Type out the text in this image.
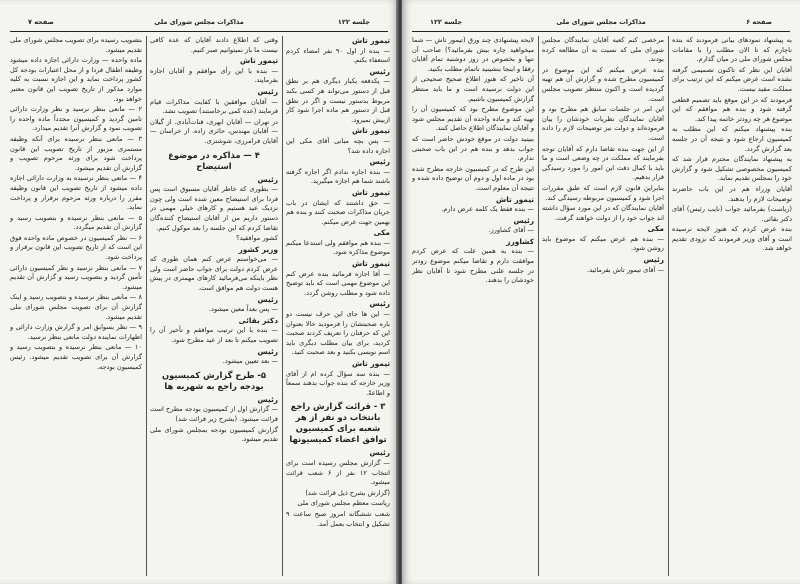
صفحه ۷	مذاکرات مجلس شورای ملی	جلسه ۱۲۲

بتصویب رسیده برای تصویب مجلس شورای ملی تقدیم میشود.

ماده واحده — وزارت دارائی اجازه داده میشود وظیفه اطفال فردا و از محل اعتبارات بودجه کل کشور پرداخت نماید و این اجازه نسبت به کلیه موارد مذکور از تاریخ تصویب این قانون معتبر خواهد بود.

۲ — مانعی بنظر نرسید و نظر وزارت دارائی تامین گردید و کمیسیون مجدداً ماده واحده را تصویب نمود و گزارش آنرا تقدیم میدارد.

۳ — مانعی بنظر نرسیده برای آنکه وظیفه مستمری مزبور از تاریخ تصویب این قانون پرداخت شود برای ورثه مرحوم تصویب و گزارش آن تقدیم میشود.

۴ — مانعی بنظر نرسیده به وزارت دارائی اجازه داده میشود از تاریخ تصویب این قانون وظیفه مقرر را درباره ورثه مرحوم برقرار و پرداخت نماید.

۵ — مانعی بنظر نرسیده و بتصویب رسید و گزارش آن تقدیم میگردد.

۶ — نظر کمیسیون در خصوص ماده واحده فوق این است که از تاریخ تصویب این قانون برقرار و پرداخت شود.

۷ — مانعی بنظر نرسید و نظر کمیسیون دارائی تأمین گردید و بتصویب رسید و گزارش آن تقدیم میشود.

۸ — مانعی بنظر نرسیده و بتصویب رسید و اینک گزارش آن برای تصویب مجلس شورای ملی تقدیم میشود.

۹ — نظر بسوابق امر و گزارش وزارت دارائی و اظهارات نماینده دولت مانعی بنظر نرسید.

۱۰ — مانعی بنظر نرسیده و بتصویب رسید و گزارش آن برای تصویب تقدیم میشود. رئیس کمیسیون بودجه.

وقتی که اطلاع دادند آقایان که عده کافی نیست ما باز نمیتوانیم صبر کنیم.

تیمور تاش

— بنده با این رأی موافقم و آقایان اجازه بفرمایند.

رئیس

— آقایان موافقین با کفایت مذاکرات قیام فرمایند (عده کمی برخاستند) تصویب نشد.

در تهران — آقایان ابهری، قنات‌آبادی. از گیلان — آقایان مهندس، حائری زاده. از خراسان — آقایان فرامرزی، شوشتری.

۴ — مذاکره در موضوع استیضاح

رئیس

— بطوری که خاطر آقایان مسبوق است پس فردا برای استیضاح معین شده است ولی چون نزدیک عید هستیم و کارهای خیلی مهمی در دستور داریم من از آقایان استیضاح کننده‌گان تقاضا کردم که این جلسه را بعد موکول کنیم.

کشور موافقید؟

وزیر کشور

— می‌خواستم عرض کنم همان طوری که عرض کردم دولت برای جواب حاضر است ولی نظر باینکه می‌فرمائید کارهای مهمتری در پیش هست دولت هم موافق است.

رئیس

— پس بعداً معین میشود.

دکتر بقائی

— بنده با این ترتیب موافقم و تأخیر آن را تصویب میکنم تا بعد از عید مطرح شود.

رئیس

— بعد تعیین میشود.

۵- طرح گزارش کمیسیون بودجه راجع به شهریه ها

رئیس

— گزارش اول از کمیسیون بودجه مطرح است قرائت میشود. (بشرح زیر قرائت شد)

گزارش کمیسیون بودجه بمجلس شورای ملی تقدیم میشود.

تیمور تاش

— بنده از اول ۹۰ نفر امضاء کردم استعفاء بکنم.

رئیس

— یکدفعه یکبار دیگری هم بر نطق قبل از دستور می‌تواند هر کسی بکند مربوط بدستور نیست و اگر در نطق قبل از دستور هم ماده اجرا شود کار ازبیش نمیرود.

تیمور تاش

— پس بچه مبانی آقای مکی این اجازه داده شد؟

رئیس

— بنده اجازه ندادم اگر اجازه گرفته باشند شما هم اجازه میگیرید.

تیمور تاش

— حق داشتند که ایشان در باب جریان مذاکرات صحبت کنند و بنده هم بهمین جهت عرض میکنم.

مکی

— بنده هم موافقم ولی استدعا میکنم موضوع مذاکره شود.

تیمور تاش

— آقا اجازه فرمائید بنده عرض کنم این موضوع مهمی است که باید توضیح داده شود و مطلب روشن گردد.

رئیس

— این ها جای این حرف نیست دو باره صحبتشان را فرمودید حالا بعنوان این که حرفتان را تعریف کردند صحبت کردید، برای بیان مطلب دیگری باید اسم نویسی بکنید و بعد صحبت کنید.

تیمور تاش

— بنده سه سؤال کرده ام از آقای وزیر خارجه که بنده جواب بدهند سمعاً و اطاعةً.

۳ - قرائت گزارش راجع بانتخاب دو نفر از هر شعبه برای کمیسیون توافق اعضاء کمیسیونها

رئیس

— گزارش مجلس رسیده است برای انتخاب ۱۲ نفر از ۶ شعب قرائت میشود.

(گزارش بشرح ذیل قرائت شد)

ریاست معظم مجلس شورای ملی

شعب ششگانه امروز صبح ساعت ۹ تشکیل و انتخاب بعمل آمد.

جلسه ۱۲۲	مذاکرات مجلس شورای ملی	صفحه ۶

لایحه پیشنهادی چند ورق (تیمور تاش — شما میخواهید چاره بیش بفرمائید؟) صاحب آن تنها و بخصوص در روز دوشنبه تمام آقایان رفقا و اینجا بنشینید ناتمام مطلب بکنید.

آن تاخیر که هنوز اطلاع صحیح صحیحی از این دولت نرسیده است و ما باید منتظر گزارش کمیسیون باشیم.

این موضوع مطرح بود که کمیسیون آن را تهیه کند و ماده واحده آن تقدیم مجلس شود و آقایان نمایندگان اطلاع حاصل کنند.

ببینید دولت در موقع خودش حاضر است که جواب بدهد و بنده هم در این باب صحبتی ندارم.

این طرح که در کمیسیون خارجه مطرح شده بود در ماده اول و دوم آن توضیح داده شده و نتیجه آن معلوم است.

تیمور تاش

— بنده فقط یک کلمه عرض دارم.

رئیس

— آقای کشاورز.

کشاورز

— بنده به همین علت که عرض کردم موافقت دارم و تقاضا میکنم موضوع زودتر در جلسه علنی مطرح شود تا آقایان نظر خودشان را بدهند.

مرخصی کنم کعبه آقایان نمایندگان مجلس شورای ملی که نسبت به آن مطالعه کرده بودند.

بنده عرض میکنم که این موضوع در کمیسیون مطرح شده و گزارش آن هم تهیه گردیده است و اکنون منتظر تصویب مجلس است.

این امر در جلسات سابق هم مطرح بود و آقایان نمایندگان نظریات خودشان را بیان فرموده‌اند و دولت نیز توضیحات لازم را داده است.

از این جهت بنده تقاضا دارم که آقایان توجه بفرمایند که مملکت در چه وضعی است و ما باید با کمال دقت این امور را مورد رسیدگی قرار بدهیم.

بنابراین قانون لازم است که طبق مقررات اجرا شود و کمیسیون مربوطه رسیدگی کند.

آقایان نمایندگان که در این مورد سؤال داشته اند جواب خود را از دولت خواهند گرفت.

مکی

— بنده هم عرض میکنم که موضوع باید روشن شود.

رئیس

— آقای تیمور تاش بفرمائید.

به پیشنهاد نمودهای بیانی فرمودند که بنده ناچارم که تا الان مطلب را با مقامات مجلس شورای ملی در میان گذارم.

آقایان این نظر که تاکنون تصمیمی گرفته نشده است عرض میکنم که این ترتیب برای مملکت مفید نیست.

فرمودند که در این موقع باید تصمیم قطعی گرفته شود و بنده هم موافقم که این موضوع هر چه زودتر خاتمه پیدا کند.

بنده پیشنهاد میکنم که این مطلب به کمیسیون ارجاع شود و نتیجه آن در جلسه بعد گزارش گردد.

به پیشنهاد نمایندگان محترم قرار شد که کمیسیون مخصوصی تشکیل شود و گزارش خود را بمجلس تقدیم نماید.

آقایان وزراء هم در این باب حاضرند توضیحات لازم را بدهند.

(ریاست) بفرمائید جواب (نایب رئیس) آقای دکتر بقائی.

بنده عرض کردم که هنوز لایحه نرسیده است و آقای وزیر فرمودند که بزودی تقدیم خواهد شد.
